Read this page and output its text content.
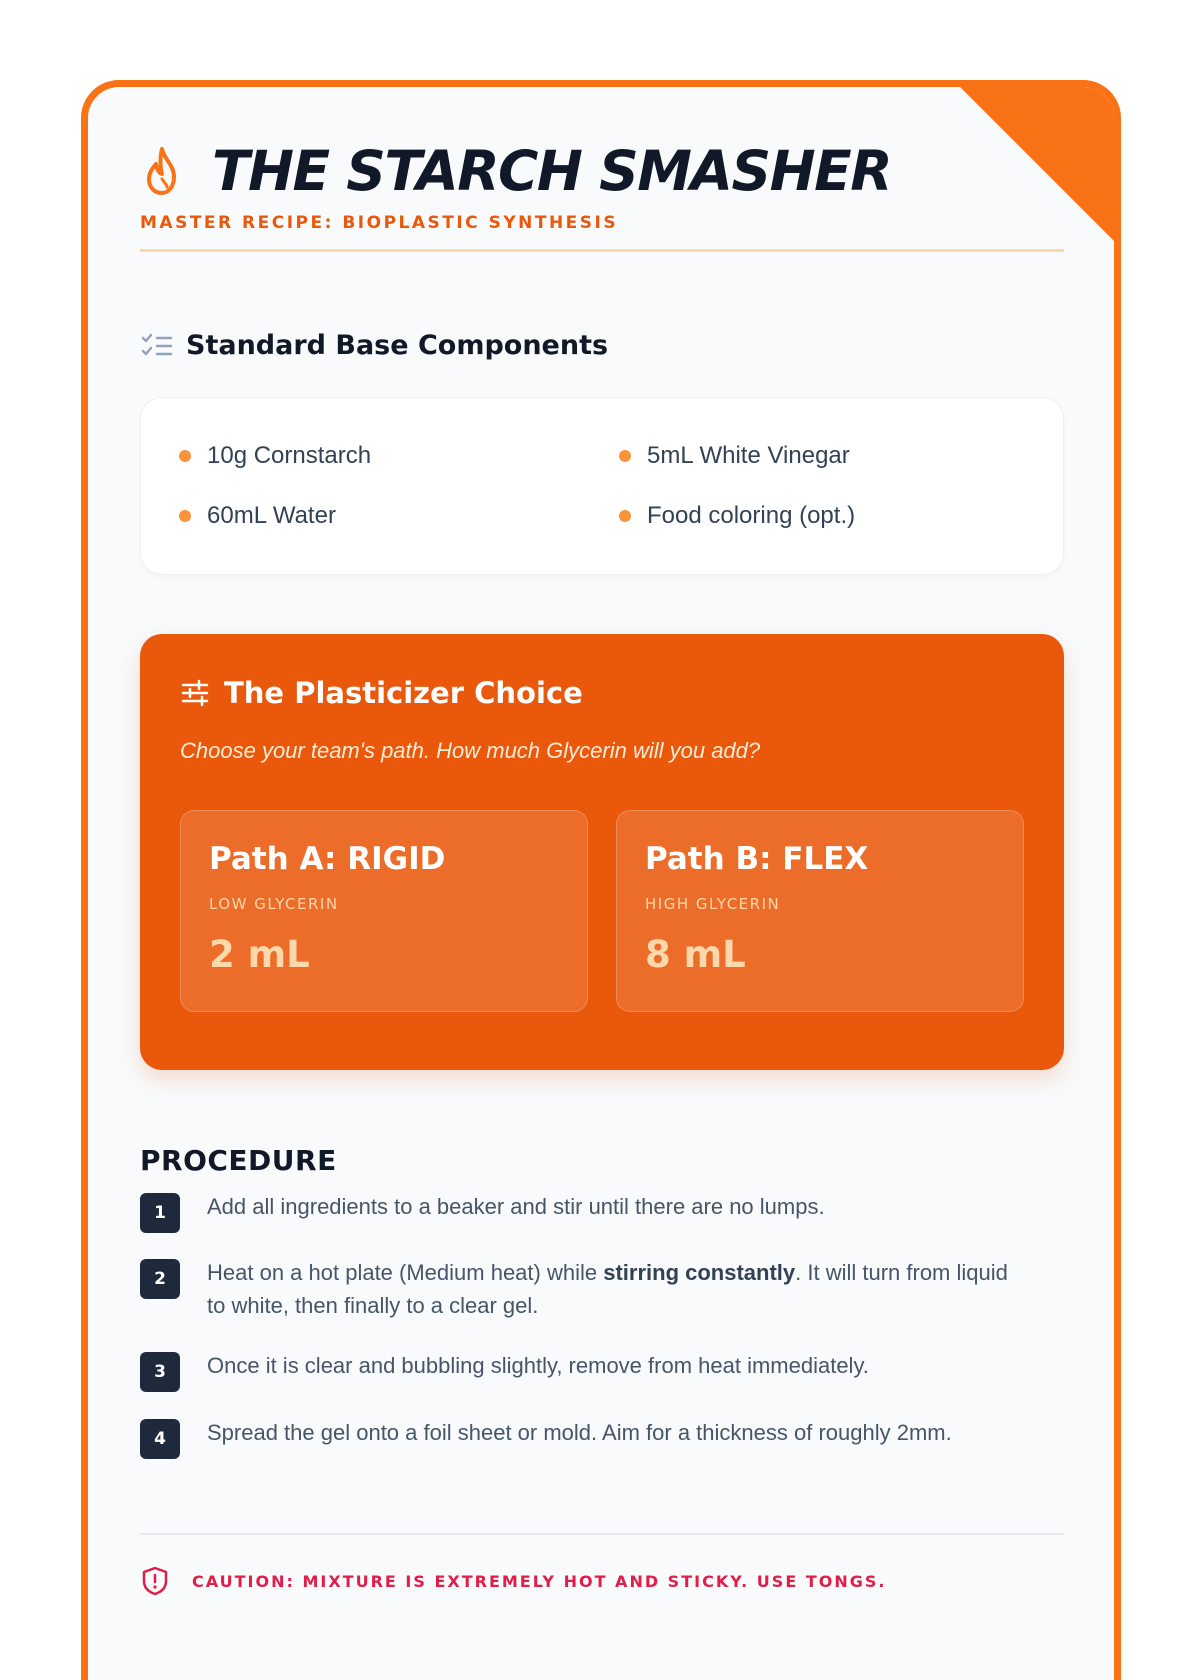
THE STARCH SMASHER
MASTER RECIPE: BIOPLASTIC SYNTHESIS
Standard Base Components
10g Cornstarch	5mL White Vinegar
60mL Water	Food coloring (opt.)
The Plasticizer Choice

Choose your team's path. How much Glycerin will you add?

Path A: RIGID
LOW GLYCERIN
2 mL
Path B: FLEX
HIGH GLYCERIN
8 mL
PROCEDURE
1	Add all ingredients to a beaker and stir until there are no lumps.
2	Heat on a hot plate (Medium heat) while stirring constantly. It will turn from liquid to white, then finally to a clear gel.
3	Once it is clear and bubbling slightly, remove from heat immediately.
4	Spread the gel onto a foil sheet or mold. Aim for a thickness of roughly 2mm.
CAUTION: MIXTURE IS EXTREMELY HOT AND STICKY. USE TONGS.
